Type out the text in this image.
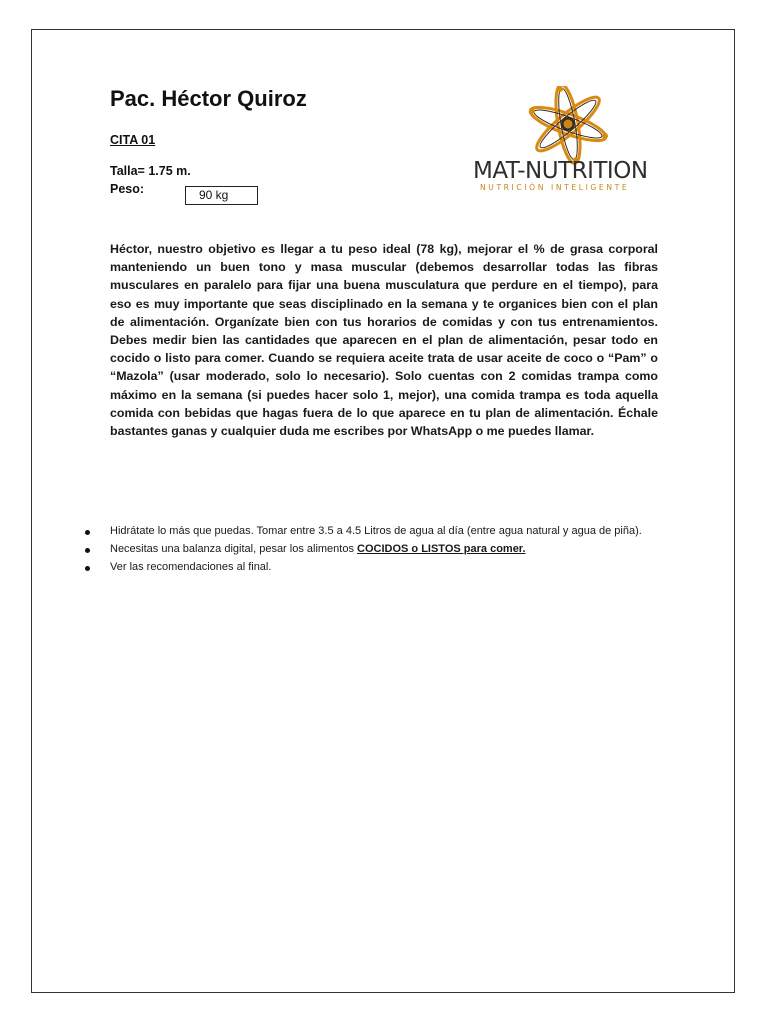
Pac. Héctor Quiroz
CITA 01
Talla= 1.75 m.
Peso:	90 kg
MAT-NUTRITION
NUTRICIÓN INTELIGENTE

Héctor, nuestro objetivo es llegar a tu peso ideal (78 kg), mejorar el % de grasa corporal manteniendo un buen tono y masa muscular (debemos desarrollar todas las fibras musculares en paralelo para fijar una buena musculatura que perdure en el tiempo), para eso es muy importante que seas disciplinado en la semana y te organices bien con el plan de alimentación. Organízate bien con tus horarios de comidas y con tus entrenamientos. Debes medir bien las cantidades que aparecen en el plan de alimentación, pesar todo en cocido o listo para comer. Cuando se requiera aceite trata de usar aceite de coco o “Pam” o “Mazola” (usar moderado, solo lo necesario). Solo cuentas con 2 comidas trampa como máximo en la semana (si puedes hacer solo 1, mejor), una comida trampa es toda aquella comida con bebidas que hagas fuera de lo que aparece en tu plan de alimentación. Échale bastantes ganas y cualquier duda me escribes por WhatsApp o me puedes llamar.

Hidrátate lo más que puedas. Tomar entre 3.5 a 4.5 Litros de agua al día (entre agua natural y agua de piña).
Necesitas una balanza digital, pesar los alimentos COCIDOS o LISTOS para comer.
Ver las recomendaciones al final.
